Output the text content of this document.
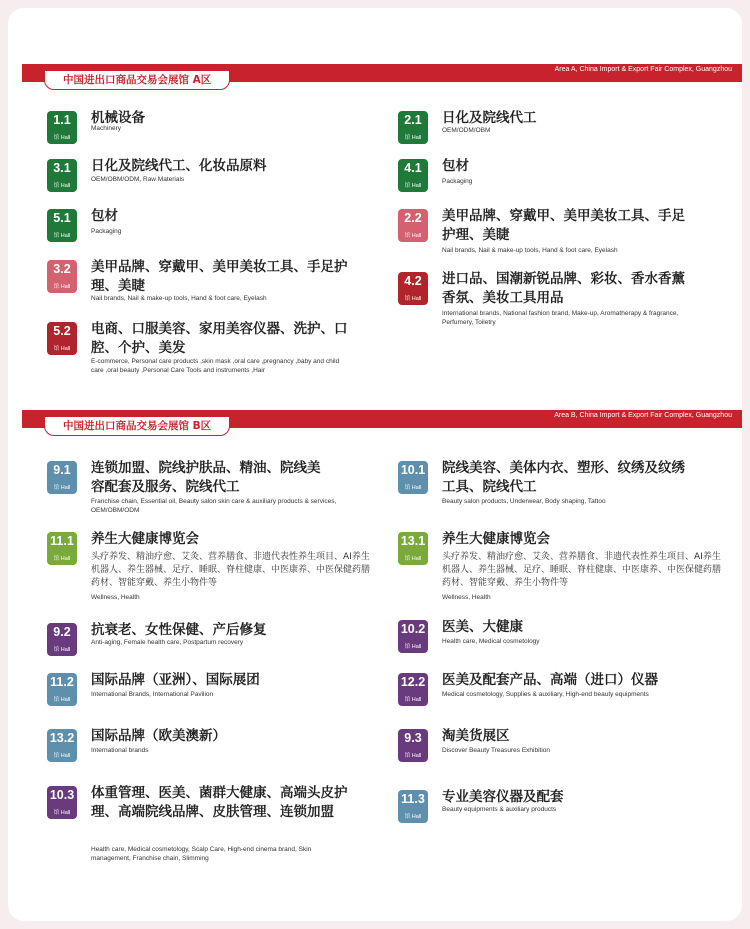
Area A, China Import & Export Fair Complex, Guangzhou
中国进出口商品交易会展馆 A区
Area B, China Import & Export Fair Complex, Guangzhou
中国进出口商品交易会展馆 B区
1.1
馆 Hall
机械设备
Machinery
2.1
馆 Hall
日化及院线代工
OEM/ODM/OBM
3.1
馆 Hall
日化及院线代工、化妆品原料
OEM/OBM/ODM, Raw Materials
4.1
馆 Hall
包材
Packaging
5.1
馆 Hall
包材
Packaging
2.2
馆 Hall
美甲品牌、穿戴甲、美甲美妆工具、手足护理、美睫
Nail brands, Nail & make-up tools, Hand & foot care, Eyelash
3.2
馆 Hall
美甲品牌、穿戴甲、美甲美妆工具、手足护理、美睫
Nail brands, Nail & make-up tools, Hand & foot care, Eyelash
4.2
馆 Hall
进口品、国潮新锐品牌、彩妆、香水香薰香氛、美妆工具用品
International brands, National fashion brand, Make-up, Aromatherapy & fragrance, Perfumery, Toiletry
5.2
馆 Hall
电商、口服美容、家用美容仪器、洗护、口腔、个护、美发
E-commerce, Personal care products ,skin mask ,oral care ,pregnancy ,baby and child care ,oral beauty ,Personal Care Tools and instruments ,Hair
9.1
馆 Hall
连锁加盟、院线护肤品、精油、院线美容配套及服务、院线代工
Franchise chain, Essential oil, Beauty salon skin care & auxiliary products & services, OEM/OBM/ODM
10.1
馆 Hall
院线美容、美体内衣、塑形、纹绣及纹绣工具、院线代工
Beauty salon products, Underwear, Body shaping, Tattoo
11.1
馆 Hall
养生大健康博览会
头疗养发、精油疗愈、艾灸、营养膳食、非遗代表性养生项目、AI养生机器人、养生器械、足疗、睡眠、脊柱健康、中医康养、中医保健药膳药材、智能穿戴、养生小物件等
Wellness, Health
13.1
馆 Hall
养生大健康博览会
头疗养发、精油疗愈、艾灸、营养膳食、非遗代表性养生项目、AI养生机器人、养生器械、足疗、睡眠、脊柱健康、中医康养、中医保健药膳药材、智能穿戴、养生小物件等
Wellness, Health
9.2
馆 Hall
抗衰老、女性保健、产后修复
Anti-aging, Female health care, Postpartum recovery
10.2
馆 Hall
医美、大健康
Health care, Medical cosmetology
11.2
馆 Hall
国际品牌（亚洲）、国际展团
International Brands, International Pavilion
12.2
馆 Hall
医美及配套产品、高端（进口）仪器
Medical cosmetology, Supplies & auxiliary, High-end beauty equipments
13.2
馆 Hall
国际品牌（欧美澳新）
International brands
9.3
馆 Hall
淘美货展区
Discover Beauty Treasures Exhibition
10.3
馆 Hall
体重管理、医美、菌群大健康、高端头皮护理、高端院线品牌、皮肤管理、连锁加盟
Health care, Medical cosmetology, Scalp Care, High-end cinema brand, Skin management, Franchise chain, Slimming
11.3
馆 Hall
专业美容仪器及配套
Beauty equipments & auxiliary products
